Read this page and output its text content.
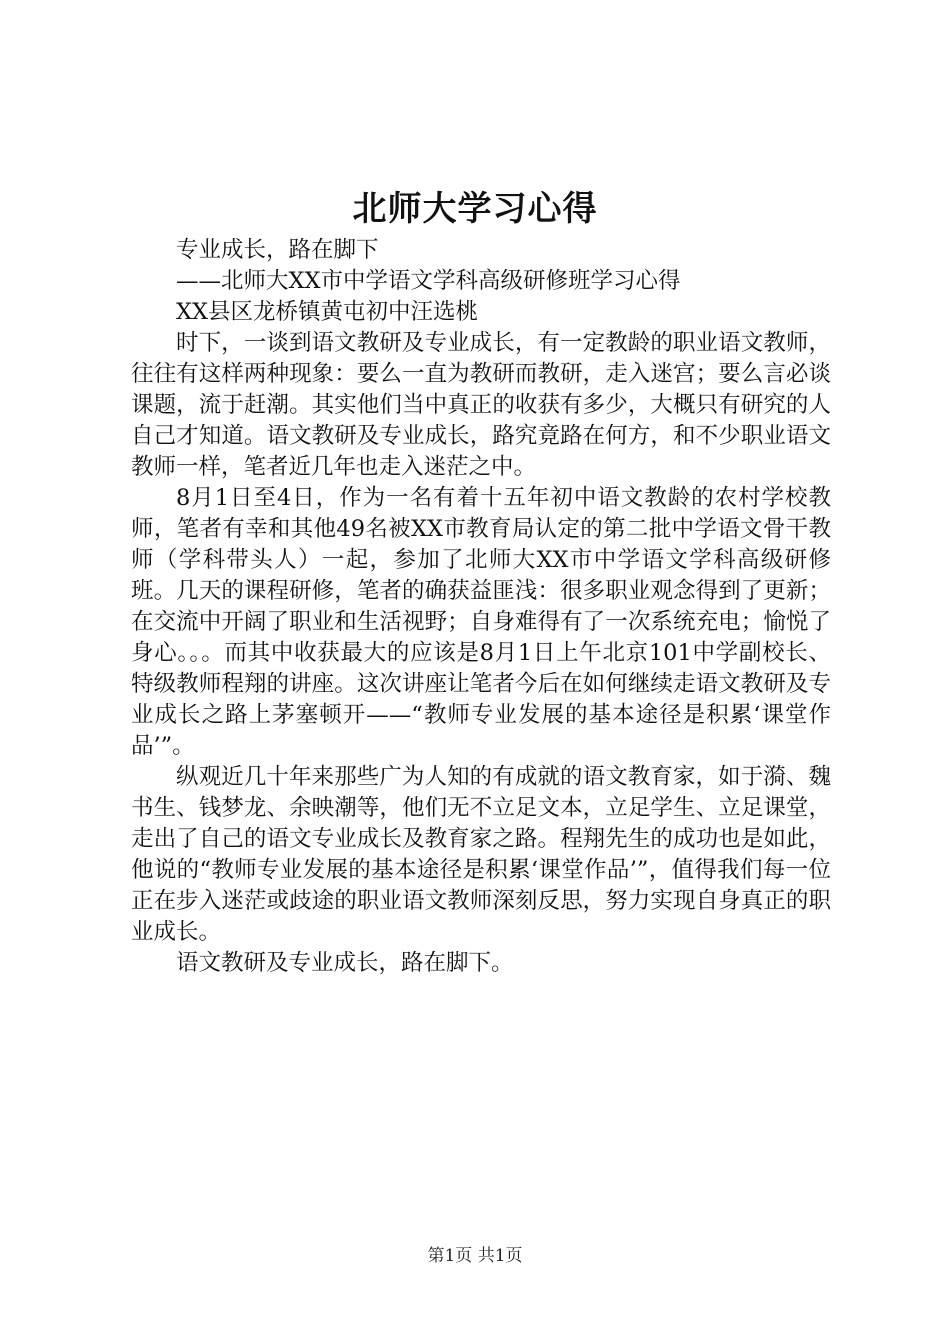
北师大学习心得

专业成长，路在脚下

——北师大XX市中学语文学科高级研修班学习心得

XX县区龙桥镇黄屯初中汪选桃

时下，一谈到语文教研及专业成长，有一定教龄的职业语文教师，往往有这样两种现象：要么一直为教研而教研，走入迷宫；要么言必谈课题，流于赶潮。其实他们当中真正的收获有多少，大概只有研究的人自己才知道。语文教研及专业成长，路究竟路在何方，和不少职业语文教师一样，笔者近几年也走入迷茫之中。

8月1日至4日，作为一名有着十五年初中语文教龄的农村学校教师，笔者有幸和其他49名被XX市教育局认定的第二批中学语文骨干教师（学科带头人）一起，参加了北师大XX市中学语文学科高级研修班。几天的课程研修，笔者的确获益匪浅：很多职业观念得到了更新；在交流中开阔了职业和生活视野；自身难得有了一次系统充电；愉悦了身心。。。而其中收获最大的应该是8月1日上午北京101中学副校长、特级教师程翔的讲座。这次讲座让笔者今后在如何继续走语文教研及专业成长之路上茅塞顿开——“教师专业发展的基本途径是积累‘课堂作品’”。

纵观近几十年来那些广为人知的有成就的语文教育家，如于漪、魏书生、钱梦龙、余映潮等，他们无不立足文本，立足学生、立足课堂，走出了自己的语文专业成长及教育家之路。程翔先生的成功也是如此，他说的“教师专业发展的基本途径是积累‘课堂作品’”，值得我们每一位正在步入迷茫或歧途的职业语文教师深刻反思，努力实现自身真正的职业成长。

语文教研及专业成长，路在脚下。

第1页 共1页
